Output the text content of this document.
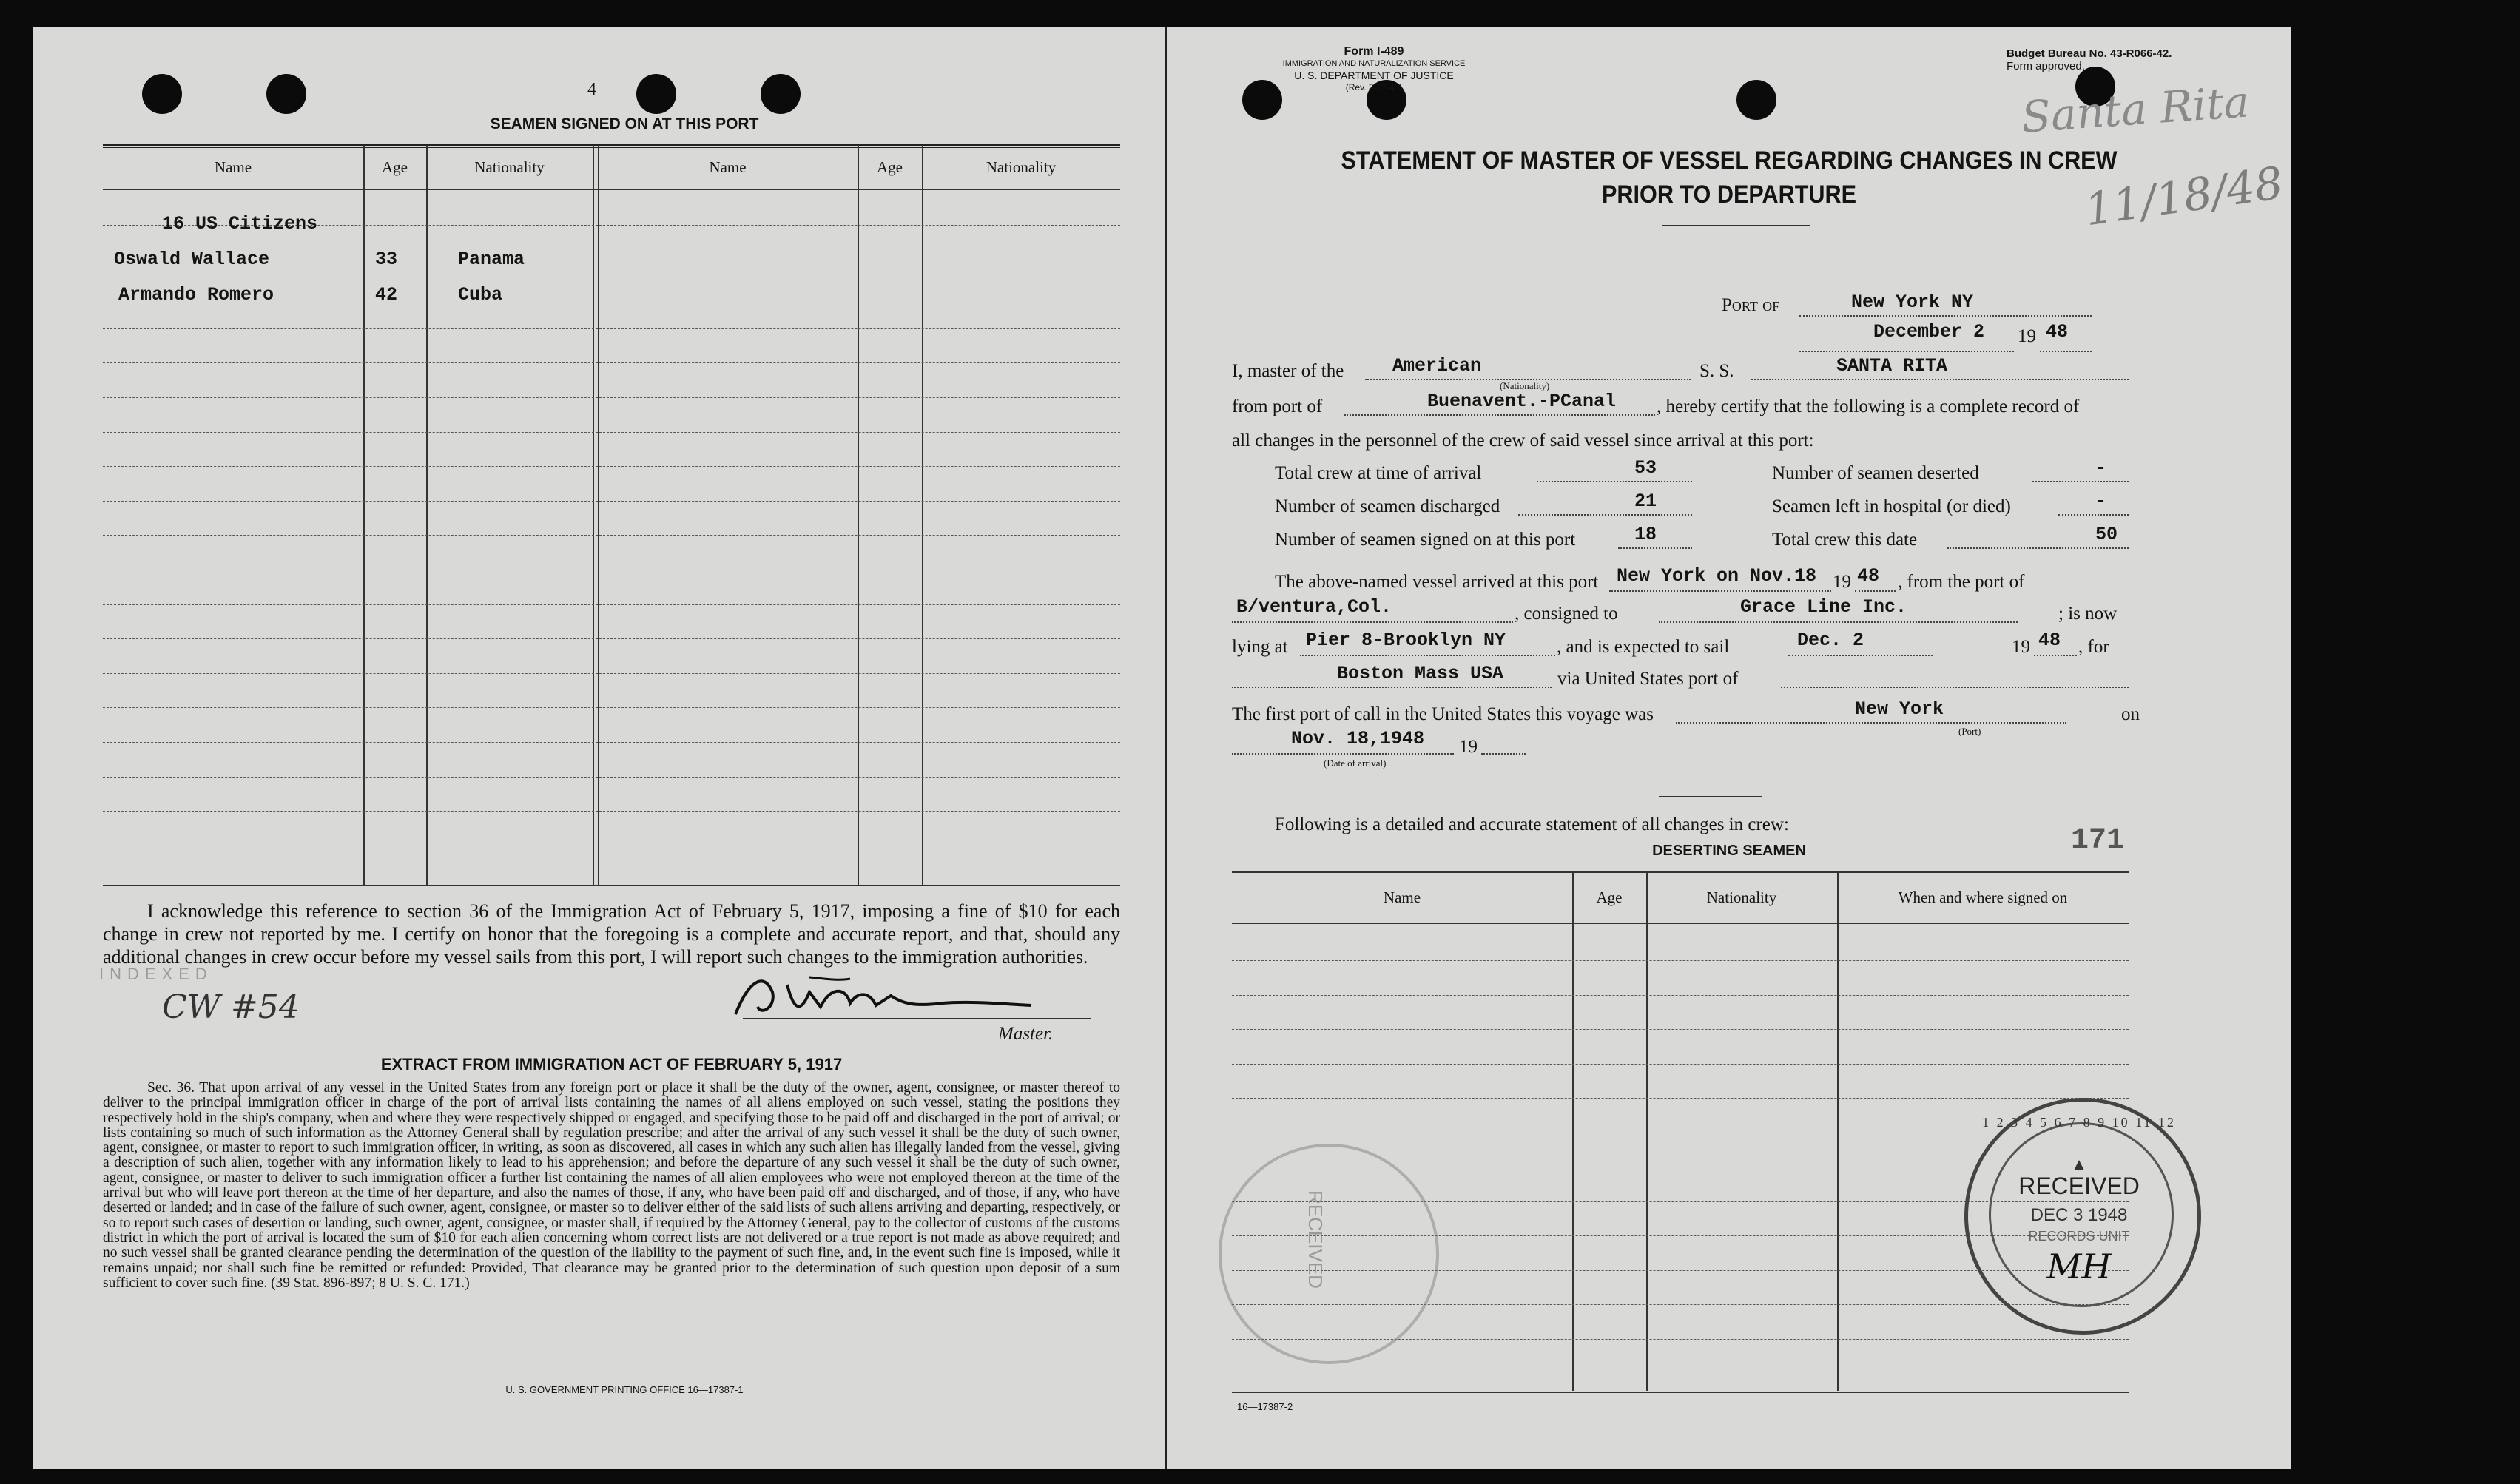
4
SEAMEN SIGNED ON AT THIS PORT
Name	Age	Nationality	Name	Age	Nationality
16 US Citizens
Oswald Wallace	33	Panama
Armando Romero	42	Cuba
I acknowledge this reference to section 36 of the Immigration Act of February 5, 1917, imposing a fine of $10 for each change in crew not reported by me. I certify on honor that the foregoing is a complete and accurate report, and that, should any additional changes in crew occur before my vessel sails from this port, I will report such changes to the immigration authorities.
INDEXED
CW #54
Master.
EXTRACT FROM IMMIGRATION ACT OF FEBRUARY 5, 1917
Sec. 36. That upon arrival of any vessel in the United States from any foreign port or place it shall be the duty of the owner, agent, consignee, or master thereof to deliver to the principal immigration officer in charge of the port of arrival lists containing the names of all aliens employed on such vessel, stating the positions they respectively hold in the ship's company, when and where they were respectively shipped or engaged, and specifying those to be paid off and discharged in the port of arrival; or lists containing so much of such information as the Attorney General shall by regulation prescribe; and after the arrival of any such vessel it shall be the duty of such owner, agent, consignee, or master to report to such immigration officer, in writing, as soon as discovered, all cases in which any such alien has illegally landed from the vessel, giving a description of such alien, together with any information likely to lead to his apprehension; and before the departure of any such vessel it shall be the duty of such owner, agent, consignee, or master to deliver to such immigration officer a further list containing the names of all alien employees who were not employed thereon at the time of the arrival but who will leave port thereon at the time of her departure, and also the names of those, if any, who have been paid off and discharged, and of those, if any, who have deserted or landed; and in case of the failure of such owner, agent, consignee, or master so to deliver either of the said lists of such aliens arriving and departing, respectively, or so to report such cases of desertion or landing, such owner, agent, consignee, or master shall, if required by the Attorney General, pay to the collector of customs of the customs district in which the port of arrival is located the sum of $10 for each alien concerning whom correct lists are not delivered or a true report is not made as above required; and no such vessel shall be granted clearance pending the determination of the question of the liability to the payment of such fine, and, in the event such fine is imposed, while it remains unpaid; nor shall such fine be remitted or refunded: Provided, That clearance may be granted prior to the determination of such question upon deposit of a sum sufficient to cover such fine. (39 Stat. 896-897; 8 U. S. C. 171.)
U. S. GOVERNMENT PRINTING OFFICE 16—17387-1
Form I-489
IMMIGRATION AND NATURALIZATION SERVICE
U. S. DEPARTMENT OF JUSTICE
(Rev. 3-22-45)
Budget Bureau No. 43-R066-42.
Form approved.
Santa Rita
11/18/48
STATEMENT OF MASTER OF VESSEL REGARDING CHANGES IN CREW
PRIOR TO DEPARTURE
Port of	New York NY
December 2 19 48
I, master of the	American
(Nationality)
S. S.	SANTA RITA
from port of	Buenavent.-PCanal , hereby certify that the following is a complete record of
all changes in the personnel of the crew of said vessel since arrival at this port:
Total crew at time of arrival	53	Number of seamen deserted	-
Number of seamen discharged	21	Seamen left in hospital (or died)	-
Number of seamen signed on at this port	18	Total crew this date	50
The above-named vessel arrived at this port New York on Nov.18 19 48 , from the port of
B/ventura,Col.	, consigned to	Grace Line Inc.	; is now
lying at Pier 8-Brooklyn NY	, and is expected to sail	Dec. 2	19 48 , for
Boston Mass USA	via United States port of
The first port of call in the United States this voyage was	New York
(Port)
on
Nov. 18,1948
(Date of arrival)
19
Following is a detailed and accurate statement of all changes in crew:	171
DESERTING SEAMEN
Name	Age	Nationality	When and where signed on
RECEIVED
1 2 3 4 5 6 7 8 9 10 11 12
▲
RECEIVED
DEC 3 1948
RECORDS UNIT
MH
16—17387-2
